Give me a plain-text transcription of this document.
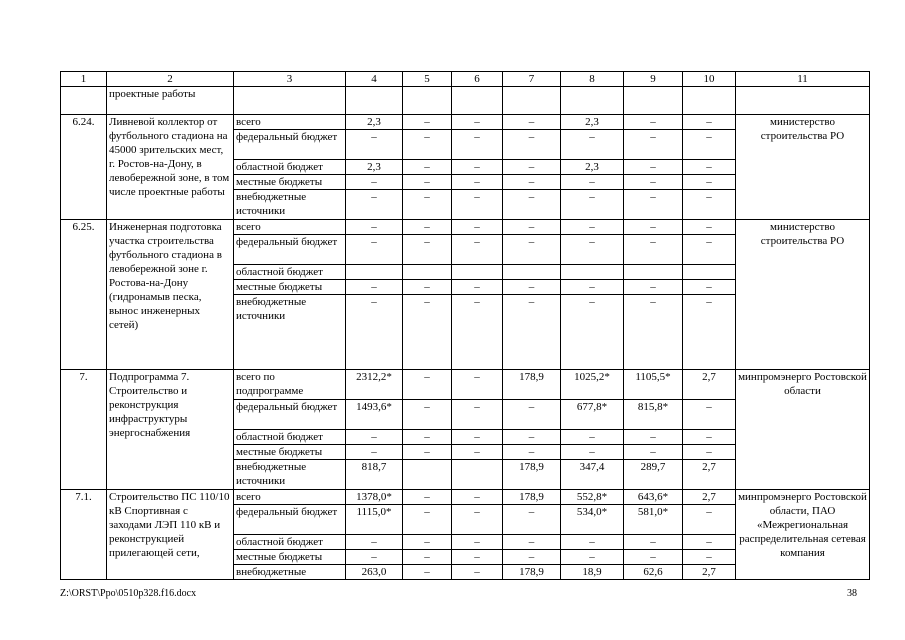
1	2	3	4	5	6	7	8	9	10	11
	проектные работы									
6.24.	Ливневой коллектор от футбольного стадиона на 45000 зрительских мест, г. Ростов-на-Дону, в левобережной зоне, в том числе проектные работы	всего	2,3	–	–	–	2,3	–	–	министерство строительства РО
		федеральный бюджет	–	–	–	–	–	–	–	
		областной бюджет	2,3	–	–	–	2,3	–	–	
		местные бюджеты	–	–	–	–	–	–	–	
		внебюджетные источники	–	–	–	–	–	–	–	
6.25.	Инженерная подготовка участка строительства футбольного стадиона в левобережной зоне г. Ростова-на-Дону (гидронамыв песка, вынос инженерных сетей)	всего	–	–	–	–	–	–	–	министерство строительства РО
		федеральный бюджет	–	–	–	–	–	–	–	
		областной бюджет								
		местные бюджеты	–	–	–	–	–	–	–	
		внебюджетные источники	–	–	–	–	–	–	–	
7.	Подпрограмма 7. Строительство и реконструкция инфраструктуры энергоснабжения	всего по подпрограмме	2312,2*	–	–	178,9	1025,2*	1105,5*	2,7	минпромэнерго Ростовской области
		федеральный бюджет	1493,6*	–	–	–	677,8*	815,8*	–	
		областной бюджет	–	–	–	–	–	–	–	
		местные бюджеты	–	–	–	–	–	–	–	
		внебюджетные источники	818,7			178,9	347,4	289,7	2,7	
7.1.	Строительство ПС 110/10 кВ Спортивная с заходами ЛЭП 110 кВ и реконструкцией прилегающей сети,	всего	1378,0*	–	–	178,9	552,8*	643,6*	2,7	минпромэнерго Ростовской области, ПАО «Межрегиональная распределительная сетевая компания
		федеральный бюджет	1115,0*	–	–	–	534,0*	581,0*	–	
		областной бюджет	–	–	–	–	–	–	–	
		местные бюджеты	–	–	–	–	–	–	–	
		внебюджетные	263,0	–	–	178,9	18,9	62,6	2,7	
Z:\ORST\Ppo\0510p328.f16.docx	38
